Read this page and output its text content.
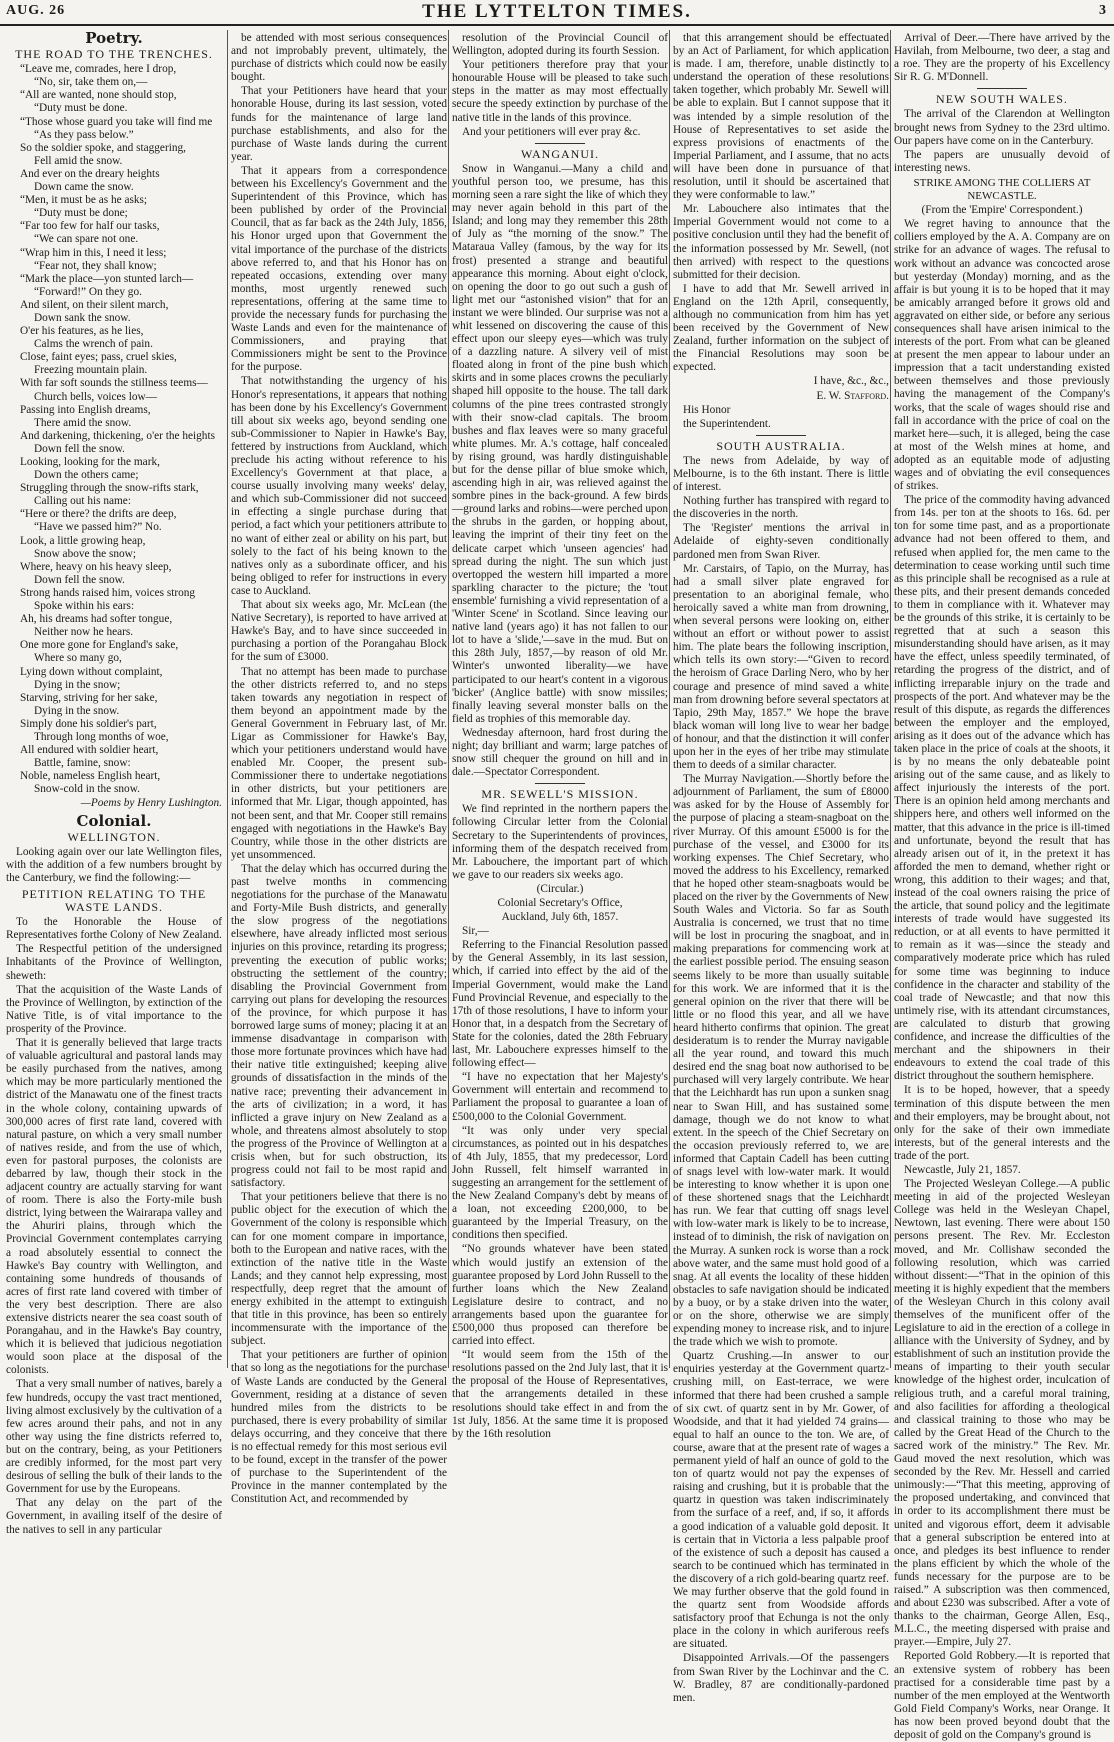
AUG. 26	THE LYTTELTON TIMES.	3
Poetry.
THE ROAD TO THE TRENCHES.

“Leave me, comrades, here I drop,

“No, sir, take them on,—

“All are wanted, none should stop,

“Duty must be done.

“Those whose guard you take will find me

“As they pass below.”

So the soldier spoke, and staggering,

Fell amid the snow.

And ever on the dreary heights

Down came the snow.

“Men, it must be as he asks;

“Duty must be done;

“Far too few for half our tasks,

“We can spare not one.

“Wrap him in this, I need it less;

“Fear not, they shall know;

“Mark the place—yon stunted larch—

“Forward!” On they go.

And silent, on their silent march,

Down sank the snow.

O'er his features, as he lies,

Calms the wrench of pain.

Close, faint eyes; pass, cruel skies,

Freezing mountain plain.

With far soft sounds the stillness teems—

Church bells, voices low—

Passing into English dreams,

There amid the snow.

And darkening, thickening, o'er the heights

Down fell the snow.

Looking, looking for the mark,

Down the others came;

Struggling through the snow-rifts stark,

Calling out his name:

“Here or there? the drifts are deep,

“Have we passed him?” No.

Look, a little growing heap,

Snow above the snow;

Where, heavy on his heavy sleep,

Down fell the snow.

Strong hands raised him, voices strong

Spoke within his ears:

Ah, his dreams had softer tongue,

Neither now he hears.

One more gone for England's sake,

Where so many go,

Lying down without complaint,

Dying in the snow;

Starving, striving for her sake,

Dying in the snow.

Simply done his soldier's part,

Through long months of woe,

All endured with soldier heart,

Battle, famine, snow:

Noble, nameless English heart,

Snow-cold in the snow.

—Poems by Henry Lushington.
Colonial.
WELLINGTON.

Looking again over our late Wellington files, with the addition of a few numbers brought by the Canterbury, we find the following:—

PETITION RELATING TO THE WASTE LANDS.

To the Honorable the House of Representatives forthe Colony of New Zealand.

The Respectful petition of the undersigned Inhabitants of the Province of Wellington, sheweth:

That the acquisition of the Waste Lands of the Province of Wellington, by extinction of the Native Title, is of vital importance to the prosperity of the Province.

That it is generally believed that large tracts of valuable agricultural and pastoral lands may be easily purchased from the natives, among which may be more particularly mentioned the district of the Manawatu one of the finest tracts in the whole colony, containing upwards of 300,000 acres of first rate land, covered with natural pasture, on which a very small number of natives reside, and from the use of which, even for pastoral purposes, the colonists are debarred by law, though their stock in the adjacent country are actually starving for want of room. There is also the Forty-mile bush district, lying between the Wairarapa valley and the Ahuriri plains, through which the Provincial Government contemplates carrying a road absolutely essential to connect the Hawke's Bay country with Wellington, and containing some hundreds of thousands of acres of first rate land covered with timber of the very best description. There are also extensive districts nearer the sea coast south of Porangahau, and in the Hawke's Bay country, which it is believed that judicious negotiation would soon place at the disposal of the colonists.

That a very small number of natives, barely a few hundreds, occupy the vast tract mentioned, living almost exclusively by the cultivation of a few acres around their pahs, and not in any other way using the fine districts referred to, but on the contrary, being, as your Petitioners are credibly informed, for the most part very desirous of selling the bulk of their lands to the Government for use by the Europeans.

That any delay on the part of the Government, in availing itself of the desire of the natives to sell in any particular

be attended with most serious consequences and not improbably prevent, ultimately, the purchase of districts which could now be easily bought.

That your Petitioners have heard that your honorable House, during its last session, voted funds for the maintenance of large land purchase establishments, and also for the purchase of Waste lands during the current year.

That it appears from a correspondence between his Excellency's Government and the Superintendent of this Province, which has been published by order of the Provincial Council, that as far back as the 24th July, 1856, his Honor urged upon that Government the vital importance of the purchase of the districts above referred to, and that his Honor has on repeated occasions, extending over many months, most urgently renewed such representations, offering at the same time to provide the necessary funds for purchasing the Waste Lands and even for the maintenance of Commissioners, and praying that Commissioners might be sent to the Province for the purpose.

That notwithstanding the urgency of his Honor's representations, it appears that nothing has been done by his Excellency's Government till about six weeks ago, beyond sending one sub-Commissioner to Napier in Hawke's Bay, fettered by instructions from Auckland, which preclude his acting without reference to his Excellency's Government at that place, a course usually involving many weeks' delay, and which sub-Commissioner did not succeed in effecting a single purchase during that period, a fact which your petitioners attribute to no want of either zeal or ability on his part, but solely to the fact of his being known to the natives only as a subordinate officer, and his being obliged to refer for instructions in every case to Auckland.

That about six weeks ago, Mr. McLean (the Native Secretary), is reported to have arrived at Hawke's Bay, and to have since succeeded in purchasing a portion of the Porangahau Block for the sum of £3000.

That no attempt has been made to purchase the other districts referred to, and no steps taken towards any negotiation in respect of them beyond an appointment made by the General Government in February last, of Mr. Ligar as Commissioner for Hawke's Bay, which your petitioners understand would have enabled Mr. Cooper, the present sub-Commissioner there to undertake negotiations in other districts, but your petitioners are informed that Mr. Ligar, though appointed, has not been sent, and that Mr. Cooper still remains engaged with negotiations in the Hawke's Bay Country, while those in the other districts are yet unsommenced.

That the delay which has occurred during the past twelve months in commencing negotiations for the purchase of the Manawatu and Forty-Mile Bush districts, and generally the slow progress of the negotiations elsewhere, have already inflicted most serious injuries on this province, retarding its progress; preventing the execution of public works; obstructing the settlement of the country; disabling the Provincial Government from carrying out plans for developing the resources of the province, for which purpose it has borrowed large sums of money; placing it at an immense disadvantage in comparison with those more fortunate provinces which have had their native title extinguished; keeping alive grounds of dissatisfaction in the minds of the native race; preventing their advancement in the arts of civilization; in a word, it has inflicted a grave injury on New Zealand as a whole, and threatens almost absolutely to stop the progress of the Province of Wellington at a crisis when, but for such obstruction, its progress could not fail to be most rapid and satisfactory.

That your petitioners believe that there is no public object for the execution of which the Government of the colony is responsible which can for one moment compare in importance, both to the European and native races, with the extinction of the native title in the Waste Lands; and they cannot help expressing, most respectfully, deep regret that the amount of energy exhibited in the attempt to extinguish that title in this province, has been so entirely incommensurate with the importance of the subject.

That your petitioners are further of opinion that so long as the negotiations for the purchase of Waste Lands are conducted by the General Government, residing at a distance of seven hundred miles from the districts to be purchased, there is every probability of similar delays occurring, and they conceive that there is no effectual remedy for this most serious evil to be found, except in the transfer of the power of purchase to the Superintendent of the Province in the manner contemplated by the Constitution Act, and recommended by

resolution of the Provincial Council of Wellington, adopted during its fourth Session.

Your petitioners therefore pray that your honourable House will be pleased to take such steps in the matter as may most effectually secure the speedy extinction by purchase of the native title in the lands of this province.

And your petitioners will ever pray &c.

WANGANUI.

Snow in Wanganui.—Many a child and youthful person too, we presume, has this morning seen a rare sight the like of which they may never again behold in this part of the Island; and long may they remember this 28th of July as “the morning of the snow.” The Mataraua Valley (famous, by the way for its frost) presented a strange and beautiful appearance this morning. About eight o'clock, on opening the door to go out such a gush of light met our “astonished vision” that for an instant we were blinded. Our surprise was not a whit lessened on discovering the cause of this effect upon our sleepy eyes—which was truly of a dazzling nature. A silvery veil of mist floated along in front of the pine bush which skirts and in some places crowns the peculiarly shaped hill opposite to the house. The tall dark columns of the pine trees contrasted strongly with their snow-clad capitals. The broom bushes and flax leaves were so many graceful white plumes. Mr. A.'s cottage, half concealed by rising ground, was hardly distinguishable but for the dense pillar of blue smoke which, ascending high in air, was relieved against the sombre pines in the back-ground. A few birds—ground larks and robins—were perched upon the shrubs in the garden, or hopping about, leaving the imprint of their tiny feet on the delicate carpet which 'unseen agencies' had spread during the night. The sun which just overtopped the western hill imparted a more sparkling character to the picture; the 'tout ensemble' furnishing a vivid representation of a 'Winter Scene' in Scotland. Since leaving our native land (years ago) it has not fallen to our lot to have a 'slide,'—save in the mud. But on this 28th July, 1857,—by reason of old Mr. Winter's unwonted liberality—we have participated to our heart's content in a vigorous 'bicker' (Anglice battle) with snow missiles; finally leaving several monster balls on the field as trophies of this memorable day.

Wednesday afternoon, hard frost during the night; day brilliant and warm; large patches of snow still chequer the ground on hill and in dale.—Spectator Correspondent.

MR. SEWELL'S MISSION.

We find reprinted in the northern papers the following Circular letter from the Colonial Secretary to the Superintendents of provinces, informing them of the despatch received from Mr. Labouchere, the important part of which we gave to our readers six weeks ago.

(Circular.)

Colonial Secretary's Office,

Auckland, July 6th, 1857.

Sir,—

Referring to the Financial Resolution passed by the General Assembly, in its last session, which, if carried into effect by the aid of the Imperial Government, would make the Land Fund Provincial Revenue, and especially to the 17th of those resolutions, I have to inform your Honor that, in a despatch from the Secretary of State for the colonies, dated the 28th February last, Mr. Labouchere expresses himself to the following effect—

“I have no expectation that her Majesty's Government will entertain and recommend to Parliament the proposal to guarantee a loan of £500,000 to the Colonial Government.

“It was only under very special circumstances, as pointed out in his despatches of 4th July, 1855, that my predecessor, Lord John Russell, felt himself warranted in suggesting an arrangement for the settlement of the New Zealand Company's debt by means of a loan, not exceeding £200,000, to be guaranteed by the Imperial Treasury, on the conditions then specified.

“No grounds whatever have been stated which would justify an extension of the guarantee proposed by Lord John Russell to the further loans which the New Zealand Legislature desire to contract, and no arrangements based upon the guarantee for £500,000 thus proposed can therefore be carried into effect.

“It would seem from the 15th of the resolutions passed on the 2nd July last, that it is the proposal of the House of Representatives, that the arrangements detailed in these resolutions should take effect in and from the 1st July, 1856. At the same time it is proposed by the 16th resolution

that this arrangement should be effectuated by an Act of Parliament, for which application is made. I am, therefore, unable distinctly to understand the operation of these resolutions taken together, which probably Mr. Sewell will be able to explain. But I cannot suppose that it was intended by a simple resolution of the House of Representatives to set aside the express provisions of enactments of the Imperial Parliament, and I assume, that no acts will have been done in pursuance of that resolution, until it should be ascertained that they were conformable to law.”

Mr. Labouchere also intimates that the Imperial Government would not come to a positive conclusion until they had the benefit of the information possessed by Mr. Sewell, (not then arrived) with respect to the questions submitted for their decision.

I have to add that Mr. Sewell arrived in England on the 12th April, consequently, although no communication from him has yet been received by the Government of New Zealand, further information on the subject of the Financial Resolutions may soon be expected.

I have, &c., &c.,

E. W. Stafford.

His Honor

the Superintendent.

SOUTH AUSTRALIA.

The news from Adelaide, by way of Melbourne, is to the 6th instant. There is little of interest.

Nothing further has transpired with regard to the discoveries in the north.

The 'Register' mentions the arrival in Adelaide of eighty-seven conditionally pardoned men from Swan River.

Mr. Carstairs, of Tapio, on the Murray, has had a small silver plate engraved for presentation to an aboriginal female, who heroically saved a white man from drowning, when several persons were looking on, either without an effort or without power to assist him. The plate bears the following inscription, which tells its own story:—“Given to record the heroism of Grace Darling Nero, who by her courage and presence of mind saved a white man from drowning before several spectators at Tapio, 29th May, 1857.” We hope the brave black woman will long live to wear her badge of honour, and that the distinction it will confer upon her in the eyes of her tribe may stimulate them to deeds of a similar character.

The Murray Navigation.—Shortly before the adjournment of Parliament, the sum of £8000 was asked for by the House of Assembly for the purpose of placing a steam-snagboat on the river Murray. Of this amount £5000 is for the purchase of the vessel, and £3000 for its working expenses. The Chief Secretary, who moved the address to his Excellency, remarked that he hoped other steam-snagboats would be placed on the river by the Governments of New South Wales and Victoria. So far as South Australia is concerned, we trust that no time will be lost in procuring the snagboat, and in making preparations for commencing work at the earliest possible period. The ensuing season seems likely to be more than usually suitable for this work. We are informed that it is the general opinion on the river that there will be little or no flood this year, and all we have heard hitherto confirms that opinion. The great desideratum is to render the Murray navigable all the year round, and toward this much desired end the snag boat now authorised to be purchased will very largely contribute. We hear that the Leichhardt has run upon a sunken snag near to Swan Hill, and has sustained some damage, though we do not know to what extent. In the speech of the Chief Secretary on the occasion previously referred to, we are informed that Captain Cadell has been cutting of snags level with low-water mark. It would be interesting to know whether it is upon one of these shortened snags that the Leichhardt has run. We fear that cutting off snags level with low-water mark is likely to be to increase, instead of to diminish, the risk of navigation on the Murray. A sunken rock is worse than a rock above water, and the same must hold good of a snag. At all events the locality of these hidden obstacles to safe navigation should be indicated by a buoy, or by a stake driven into the water, or on the shore, otherwise we are simply expending money to increase risk, and to injure the trade which we wish to promote.

Quartz Crushing.—In answer to our enquiries yesterday at the Government quartz-crushing mill, on East-terrace, we were informed that there had been crushed a sample of six cwt. of quartz sent in by Mr. Gower, of Woodside, and that it had yielded 74 grains—equal to half an ounce to the ton. We are, of course, aware that at the present rate of wages a permanent yield of half an ounce of gold to the ton of quartz would not pay the expenses of raising and crushing, but it is probable that the quartz in question was taken indiscriminately from the surface of a reef, and, if so, it affords a good indication of a valuable gold deposit. It is certain that in Victoria a less palpable proof of the existence of such a deposit has caused a search to be continued which has terminated in the discovery of a rich gold-bearing quartz reef. We may further observe that the gold found in the quartz sent from Woodside affords satisfactory proof that Echunga is not the only place in the colony in which auriferous reefs are situated.

Disappointed Arrivals.—Of the passengers from Swan River by the Lochinvar and the C. W. Bradley, 87 are conditionally-pardoned men.

Arrival of Deer.—There have arrived by the Havilah, from Melbourne, two deer, a stag and a roe. They are the property of his Excellency Sir R. G. M'Donnell.

NEW SOUTH WALES.

The arrival of the Clarendon at Wellington brought news from Sydney to the 23rd ultimo. Our papers have come on in the Canterbury.

The papers are unusually devoid of interesting news.

STRIKE AMONG THE COLLIERS AT NEWCASTLE.

(From the 'Empire' Correspondent.)

We regret having to announce that the colliers employed by the A. A. Company are on strike for an advance of wages. The refusal to work without an advance was concocted arose but yesterday (Monday) morning, and as the affair is but young it is to be hoped that it may be amicably arranged before it grows old and aggravated on either side, or before any serious consequences shall have arisen inimical to the interests of the port. From what can be gleaned at present the men appear to labour under an impression that a tacit understanding existed between themselves and those previously having the management of the Company's works, that the scale of wages should rise and fall in accordance with the price of coal on the market here—such, it is alleged, being the case at most of the Welsh mines at home, and adopted as an equitable mode of adjusting wages and of obviating the evil consequences of strikes.

The price of the commodity having advanced from 14s. per ton at the shoots to 16s. 6d. per ton for some time past, and as a proportionate advance had not been offered to them, and refused when applied for, the men came to the determination to cease working until such time as this principle shall be recognised as a rule at these pits, and their present demands conceded to them in compliance with it. Whatever may be the grounds of this strike, it is certainly to be regretted that at such a season this misunderstanding should have arisen, as it may have the effect, unless speedily terminated, of retarding the progress of the district, and of inflicting irreparable injury on the trade and prospects of the port. And whatever may be the result of this dispute, as regards the differences between the employer and the employed, arising as it does out of the advance which has taken place in the price of coals at the shoots, it is by no means the only debateable point arising out of the same cause, and as likely to affect injuriously the interests of the port. There is an opinion held among merchants and shippers here, and others well informed on the matter, that this advance in the price is ill-timed and unfortunate, beyond the result that has already arisen out of it, in the pretext it has afforded the men to demand, whether right or wrong, this addition to their wages; and that, instead of the coal owners raising the price of the article, that sound policy and the legitimate interests of trade would have suggested its reduction, or at all events to have permitted it to remain as it was—since the steady and comparatively moderate price which has ruled for some time was beginning to induce confidence in the character and stability of the coal trade of Newcastle; and that now this untimely rise, with its attendant circumstances, are calculated to disturb that growing confidence, and increase the difficulties of the merchant and the shipowners in their endeavours to extend the coal trade of this district throughout the southern hemisphere.

It is to be hoped, however, that a speedy termination of this dispute between the men and their employers, may be brought about, not only for the sake of their own immediate interests, but of the general interests and the trade of the port.

Newcastle, July 21, 1857.

The Projected Wesleyan College.—A public meeting in aid of the projected Wesleyan College was held in the Wesleyan Chapel, Newtown, last evening. There were about 150 persons present. The Rev. Mr. Eccleston moved, and Mr. Collishaw seconded the following resolution, which was carried without dissent:—“That in the opinion of this meeting it is highly expedient that the members of the Wesleyan Church in this colony avail themselves of the munificent offer of the Legislature to aid in the erection of a college in alliance with the University of Sydney, and by establishment of such an institution provide the means of imparting to their youth secular knowledge of the highest order, inculcation of religious truth, and a careful moral training, and also facilities for affording a theological and classical training to those who may be called by the Great Head of the Church to the sacred work of the ministry.” The Rev. Mr. Gaud moved the next resolution, which was seconded by the Rev. Mr. Hessell and carried unimously:—“That this meeting, approving of the proposed undertaking, and convinced that in order to its accomplishment there must be united and vigorous effort, deem it advisable that a general subscription be entered into at once, and pledges its best influence to render the plans efficient by which the whole of the funds necessary for the purpose are to be raised.” A subscription was then commenced, and about £230 was subscribed. After a vote of thanks to the chairman, George Allen, Esq., M.L.C., the meeting dispersed with praise and prayer.—Empire, July 27.

Reported Gold Robbery.—It is reported that an extensive system of robbery has been practised for a considerable time past by a number of the men employed at the Wentworth Gold Field Company's Works, near Orange. It has now been proved beyond doubt that the deposit of gold on the Company's ground is
